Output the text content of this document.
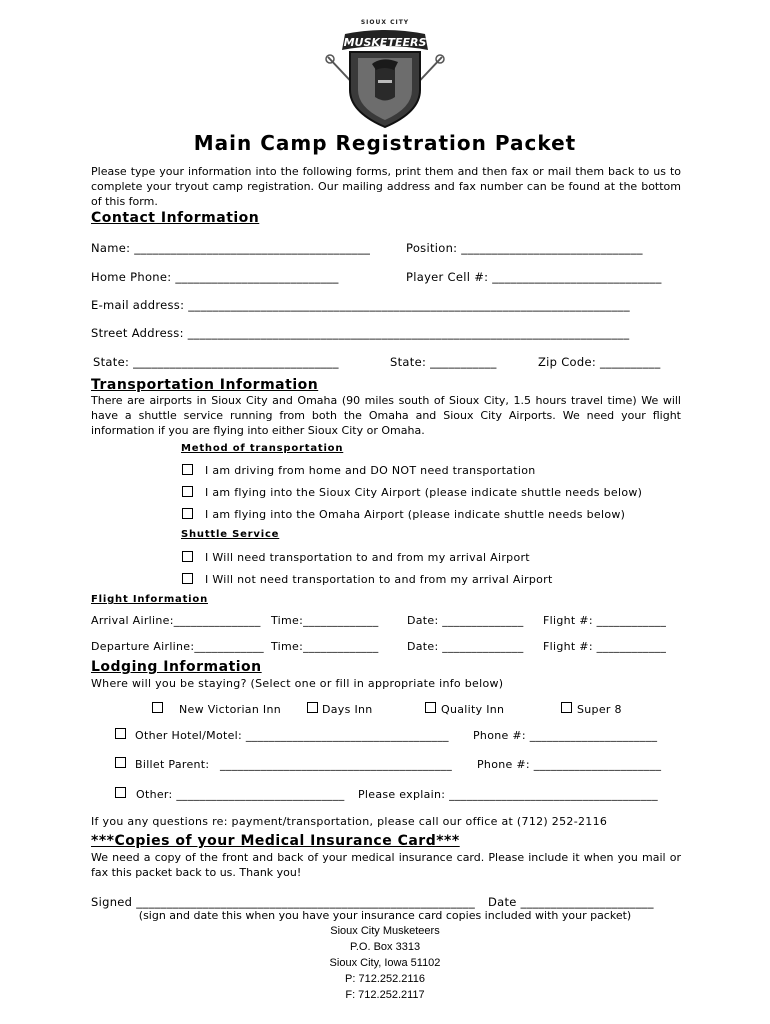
MUSKETEERS
SIOUX CITY
Main Camp Registration Packet
Please type your information into the following forms, print them and then fax or mail them back to us to complete your tryout camp registration. Our mailing address and fax number can be found at the bottom of this form.
Contact Information
Name: _______________________________________	Position: ______________________________
Home Phone: ___________________________	Player Cell #: ____________________________
E-mail address: _________________________________________________________________________
Street Address: _________________________________________________________________________
State: __________________________________	State: ___________	Zip Code: __________
Transportation Information
There are airports in Sioux City and Omaha (90 miles south of Sioux City, 1.5 hours travel time) We will have a shuttle service running from both the Omaha and Sioux City Airports. We need your flight information if you are flying into either Sioux City or Omaha.
Method of transportation
I am driving from home and DO NOT need transportation
I am flying into the Sioux City Airport (please indicate shuttle needs below)
I am flying into the Omaha Airport (please indicate shuttle needs below)
Shuttle Service
I Will need transportation to and from my arrival Airport
I Will not need transportation to and from my arrival Airport
Flight Information
Arrival Airline:_______________ Time:_____________	Date: ______________ Flight #: ____________
Departure Airline:____________ Time:_____________	Date: ______________ Flight #: ____________
Lodging Information
Where will you be staying? (Select one or fill in appropriate info below)
New Victorian Inn	Days Inn	Quality Inn	Super 8
Other Hotel/Motel: ___________________________________ Phone #: ______________________
Billet Parent: ________________________________________ Phone #: ______________________
Other: _____________________________ Please explain: ____________________________________
If you any questions re: payment/transportation, please call our office at (712) 252-2116
***Copies of your Medical Insurance Card***
We need a copy of the front and back of your medical insurance card. Please include it when you mail or fax this packet back to us. Thank you!
Signed ________________________________________________________ Date ______________________
(sign and date this when you have your insurance card copies included with your packet)
Sioux City Musketeers
P.O. Box 3313
Sioux City, Iowa 51102
P: 712.252.2116
F: 712.252.2117
